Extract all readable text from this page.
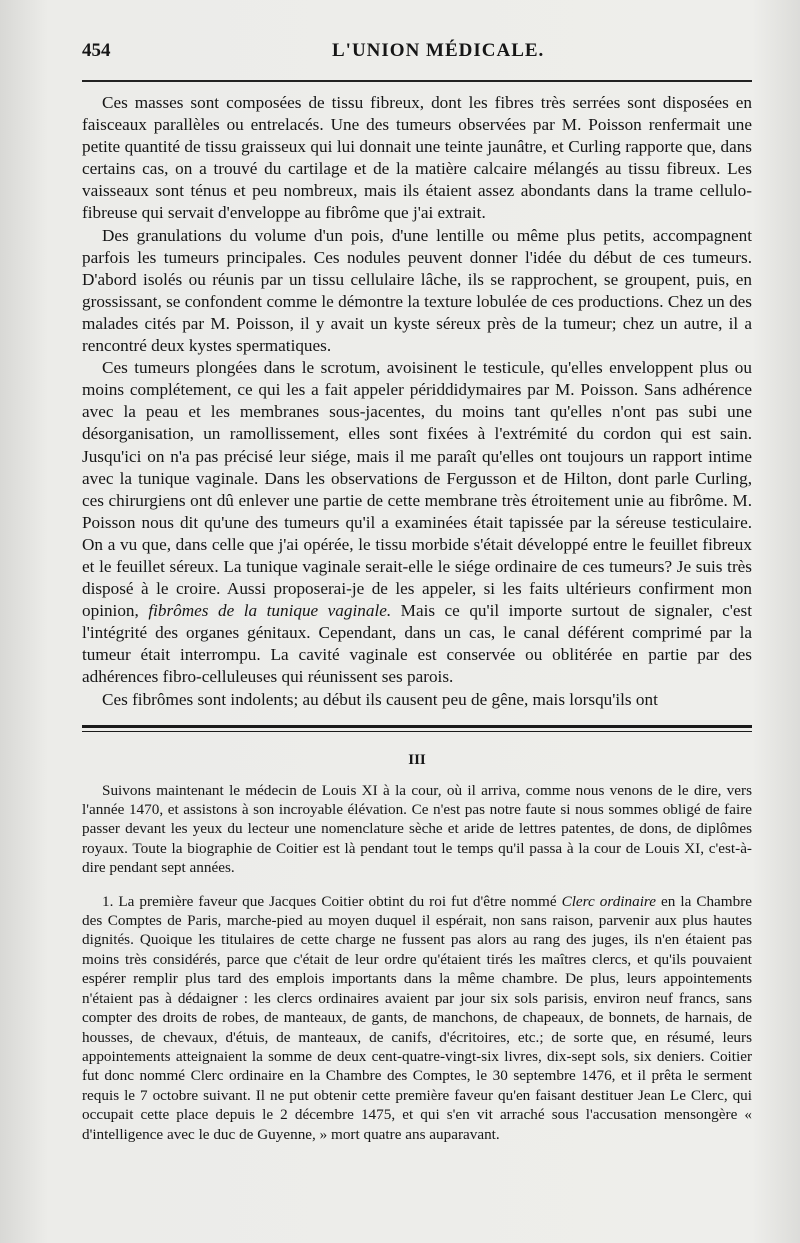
454	L'UNION MÉDICALE.

Ces masses sont composées de tissu fibreux, dont les fibres très serrées sont disposées en faisceaux parallèles ou entrelacés. Une des tumeurs observées par M. Poisson renfermait une petite quantité de tissu graisseux qui lui donnait une teinte jaunâtre, et Curling rapporte que, dans certains cas, on a trouvé du cartilage et de la matière calcaire mélangés au tissu fibreux. Les vaisseaux sont ténus et peu nombreux, mais ils étaient assez abondants dans la trame cellulo-fibreuse qui servait d'enveloppe au fibrôme que j'ai extrait.

Des granulations du volume d'un pois, d'une lentille ou même plus petits, accompagnent parfois les tumeurs principales. Ces nodules peuvent donner l'idée du début de ces tumeurs. D'abord isolés ou réunis par un tissu cellulaire lâche, ils se rapprochent, se groupent, puis, en grossissant, se confondent comme le démontre la texture lobulée de ces productions. Chez un des malades cités par M. Poisson, il y avait un kyste séreux près de la tumeur; chez un autre, il a rencontré deux kystes spermatiques.

Ces tumeurs plongées dans le scrotum, avoisinent le testicule, qu'elles enveloppent plus ou moins complétement, ce qui les a fait appeler périddidymaires par M. Poisson. Sans adhérence avec la peau et les membranes sous-jacentes, du moins tant qu'elles n'ont pas subi une désorganisation, un ramollissement, elles sont fixées à l'extrémité du cordon qui est sain. Jusqu'ici on n'a pas précisé leur siége, mais il me paraît qu'elles ont toujours un rapport intime avec la tunique vaginale. Dans les observations de Fergusson et de Hilton, dont parle Curling, ces chirurgiens ont dû enlever une partie de cette membrane très étroitement unie au fibrôme. M. Poisson nous dit qu'une des tumeurs qu'il a examinées était tapissée par la séreuse testiculaire. On a vu que, dans celle que j'ai opérée, le tissu morbide s'était développé entre le feuillet fibreux et le feuillet séreux. La tunique vaginale serait-elle le siége ordinaire de ces tumeurs? Je suis très disposé à le croire. Aussi proposerai-je de les appeler, si les faits ultérieurs confirment mon opinion, fibrômes de la tunique vaginale. Mais ce qu'il importe surtout de signaler, c'est l'intégrité des organes génitaux. Cependant, dans un cas, le canal déférent comprimé par la tumeur était interrompu. La cavité vaginale est conservée ou oblitérée en partie par des adhérences fibro-celluleuses qui réunissent ses parois.

Ces fibrômes sont indolents; au début ils causent peu de gêne, mais lorsqu'ils ont

III

Suivons maintenant le médecin de Louis XI à la cour, où il arriva, comme nous venons de le dire, vers l'année 1470, et assistons à son incroyable élévation. Ce n'est pas notre faute si nous sommes obligé de faire passer devant les yeux du lecteur une nomenclature sèche et aride de lettres patentes, de dons, de diplômes royaux. Toute la biographie de Coitier est là pendant tout le temps qu'il passa à la cour de Louis XI, c'est-à-dire pendant sept années.

1. La première faveur que Jacques Coitier obtint du roi fut d'être nommé Clerc ordinaire en la Chambre des Comptes de Paris, marche-pied au moyen duquel il espérait, non sans raison, parvenir aux plus hautes dignités. Quoique les titulaires de cette charge ne fussent pas alors au rang des juges, ils n'en étaient pas moins très considérés, parce que c'était de leur ordre qu'étaient tirés les maîtres clercs, et qu'ils pouvaient espérer remplir plus tard des emplois importants dans la même chambre. De plus, leurs appointements n'étaient pas à dédaigner : les clercs ordinaires avaient par jour six sols parisis, environ neuf francs, sans compter des droits de robes, de manteaux, de gants, de manchons, de chapeaux, de bonnets, de harnais, de housses, de chevaux, d'étuis, de manteaux, de canifs, d'écritoires, etc.; de sorte que, en résumé, leurs appointements atteignaient la somme de deux cent-quatre-vingt-six livres, dix-sept sols, six deniers. Coitier fut donc nommé Clerc ordinaire en la Chambre des Comptes, le 30 septembre 1476, et il prêta le serment requis le 7 octobre suivant. Il ne put obtenir cette première faveur qu'en faisant destituer Jean Le Clerc, qui occupait cette place depuis le 2 décembre 1475, et qui s'en vit arraché sous l'accusation mensongère « d'intelligence avec le duc de Guyenne, » mort quatre ans auparavant.
